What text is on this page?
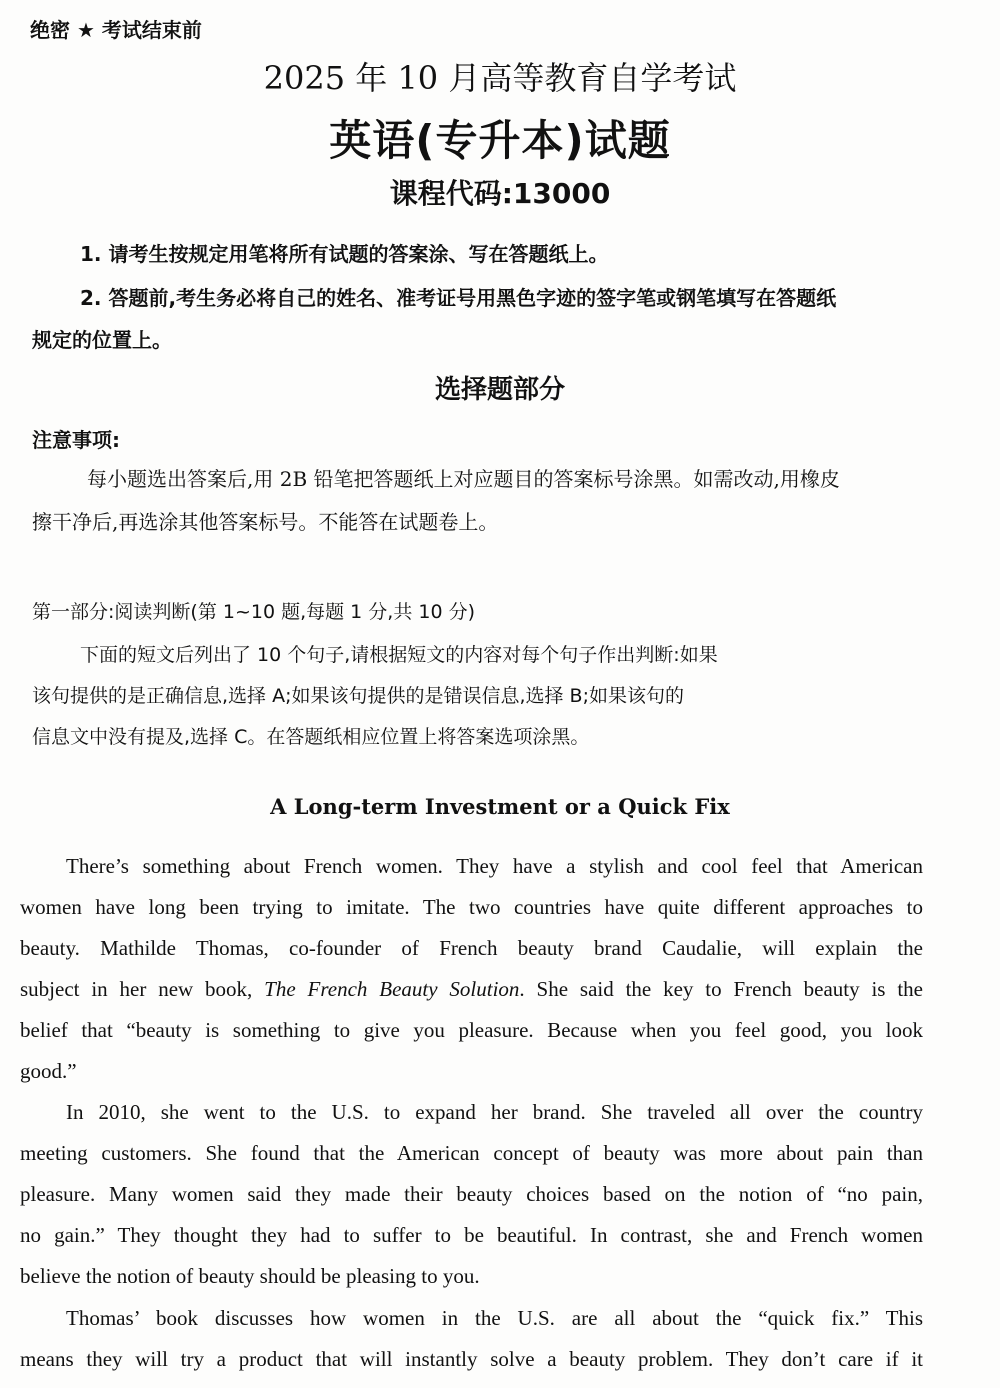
绝密 ★ 考试结束前
2025 年 10 月高等教育自学考试
英语(专升本)试题
课程代码:13000
1. 请考生按规定用笔将所有试题的答案涂、写在答题纸上。
2. 答题前,考生务必将自己的姓名、准考证号用黑色字迹的签字笔或钢笔填写在答题纸
规定的位置上。
选择题部分
注意事项:
每小题选出答案后,用 2B 铅笔把答题纸上对应题目的答案标号涂黑。如需改动,用橡皮
擦干净后,再选涂其他答案标号。不能答在试题卷上。
第一部分:阅读判断(第 1~10 题,每题 1 分,共 10 分)
下面的短文后列出了 10 个句子,请根据短文的内容对每个句子作出判断:如果
该句提供的是正确信息,选择 A;如果该句提供的是错误信息,选择 B;如果该句的
信息文中没有提及,选择 C。在答题纸相应位置上将答案选项涂黑。
A Long-term Investment or a Quick Fix
There’s something about French women. They have a stylish and cool feel that American
women have long been trying to imitate. The two countries have quite different approaches to
beauty. Mathilde Thomas, co-founder of French beauty brand Caudalie, will explain the
subject in her new book, The French Beauty Solution. She said the key to French beauty is the
belief that “beauty is something to give you pleasure. Because when you feel good, you look
good.”
In 2010, she went to the U.S. to expand her brand. She traveled all over the country
meeting customers. She found that the American concept of beauty was more about pain than
pleasure. Many women said they made their beauty choices based on the notion of “no pain,
no gain.” They thought they had to suffer to be beautiful. In contrast, she and French women
believe the notion of beauty should be pleasing to you.
Thomas’ book discusses how women in the U.S. are all about the “quick fix.” This
means they will try a product that will instantly solve a beauty problem. They don’t care if it
